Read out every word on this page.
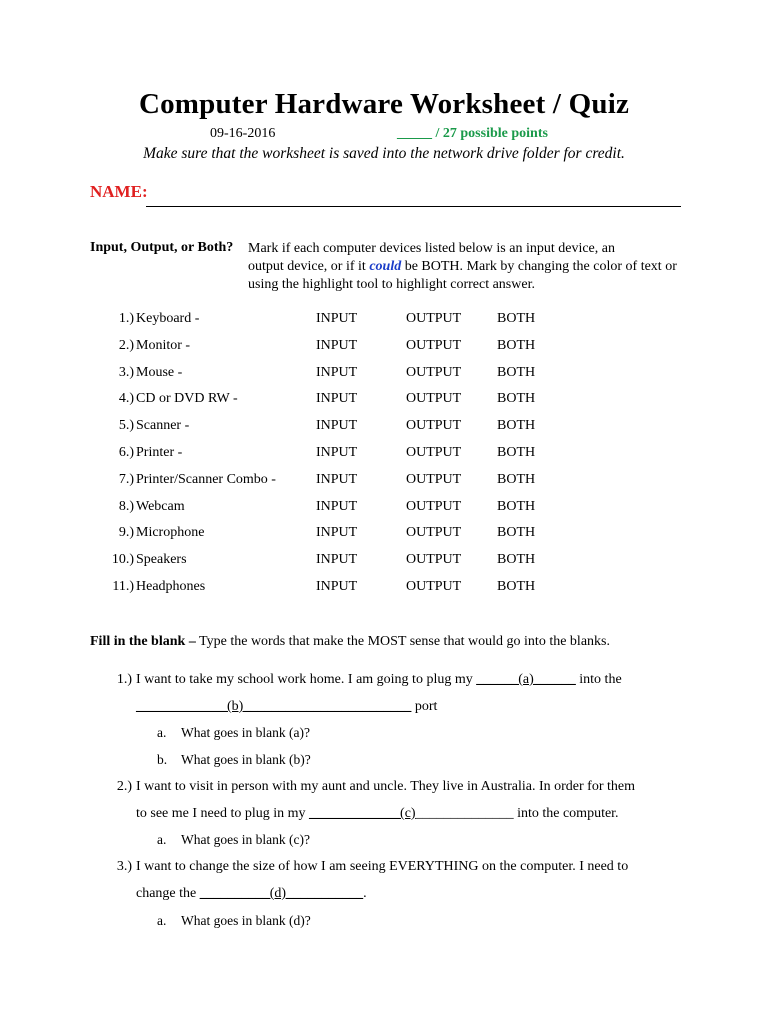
Computer Hardware Worksheet / Quiz
09-16-2016	_____ / 27 possible points
Make sure that the worksheet is saved into the network drive folder for credit.
NAME:
Input, Output, or Both? Mark if each computer devices listed below is an input device, an
output device, or if it could be BOTH. Mark by changing the color of text or using the highlight tool to highlight correct answer.
1.) Keyboard -	INPUT	OUTPUT	BOTH
2.) Monitor -	INPUT	OUTPUT	BOTH
3.) Mouse -	INPUT	OUTPUT	BOTH
4.) CD or DVD RW -	INPUT	OUTPUT	BOTH
5.) Scanner -	INPUT	OUTPUT	BOTH
6.) Printer -	INPUT	OUTPUT	BOTH
7.) Printer/Scanner Combo -	INPUT	OUTPUT	BOTH
8.) Webcam	INPUT	OUTPUT	BOTH
9.) Microphone	INPUT	OUTPUT	BOTH
10.) Speakers	INPUT	OUTPUT	BOTH
11.) Headphones	INPUT	OUTPUT	BOTH
Fill in the blank – Type the words that make the MOST sense that would go into the blanks.
1.) I want to take my school work home. I am going to plug my ______(a)______ into the
_____________(b)________________________ port
a. What goes in blank (a)?
b. What goes in blank (b)?
2.) I want to visit in person with my aunt and uncle. They live in Australia. In order for them
to see me I need to plug in my _____________(c)______________ into the computer.
a. What goes in blank (c)?
3.) I want to change the size of how I am seeing EVERYTHING on the computer. I need to
change the __________(d)___________.
a. What goes in blank (d)?
